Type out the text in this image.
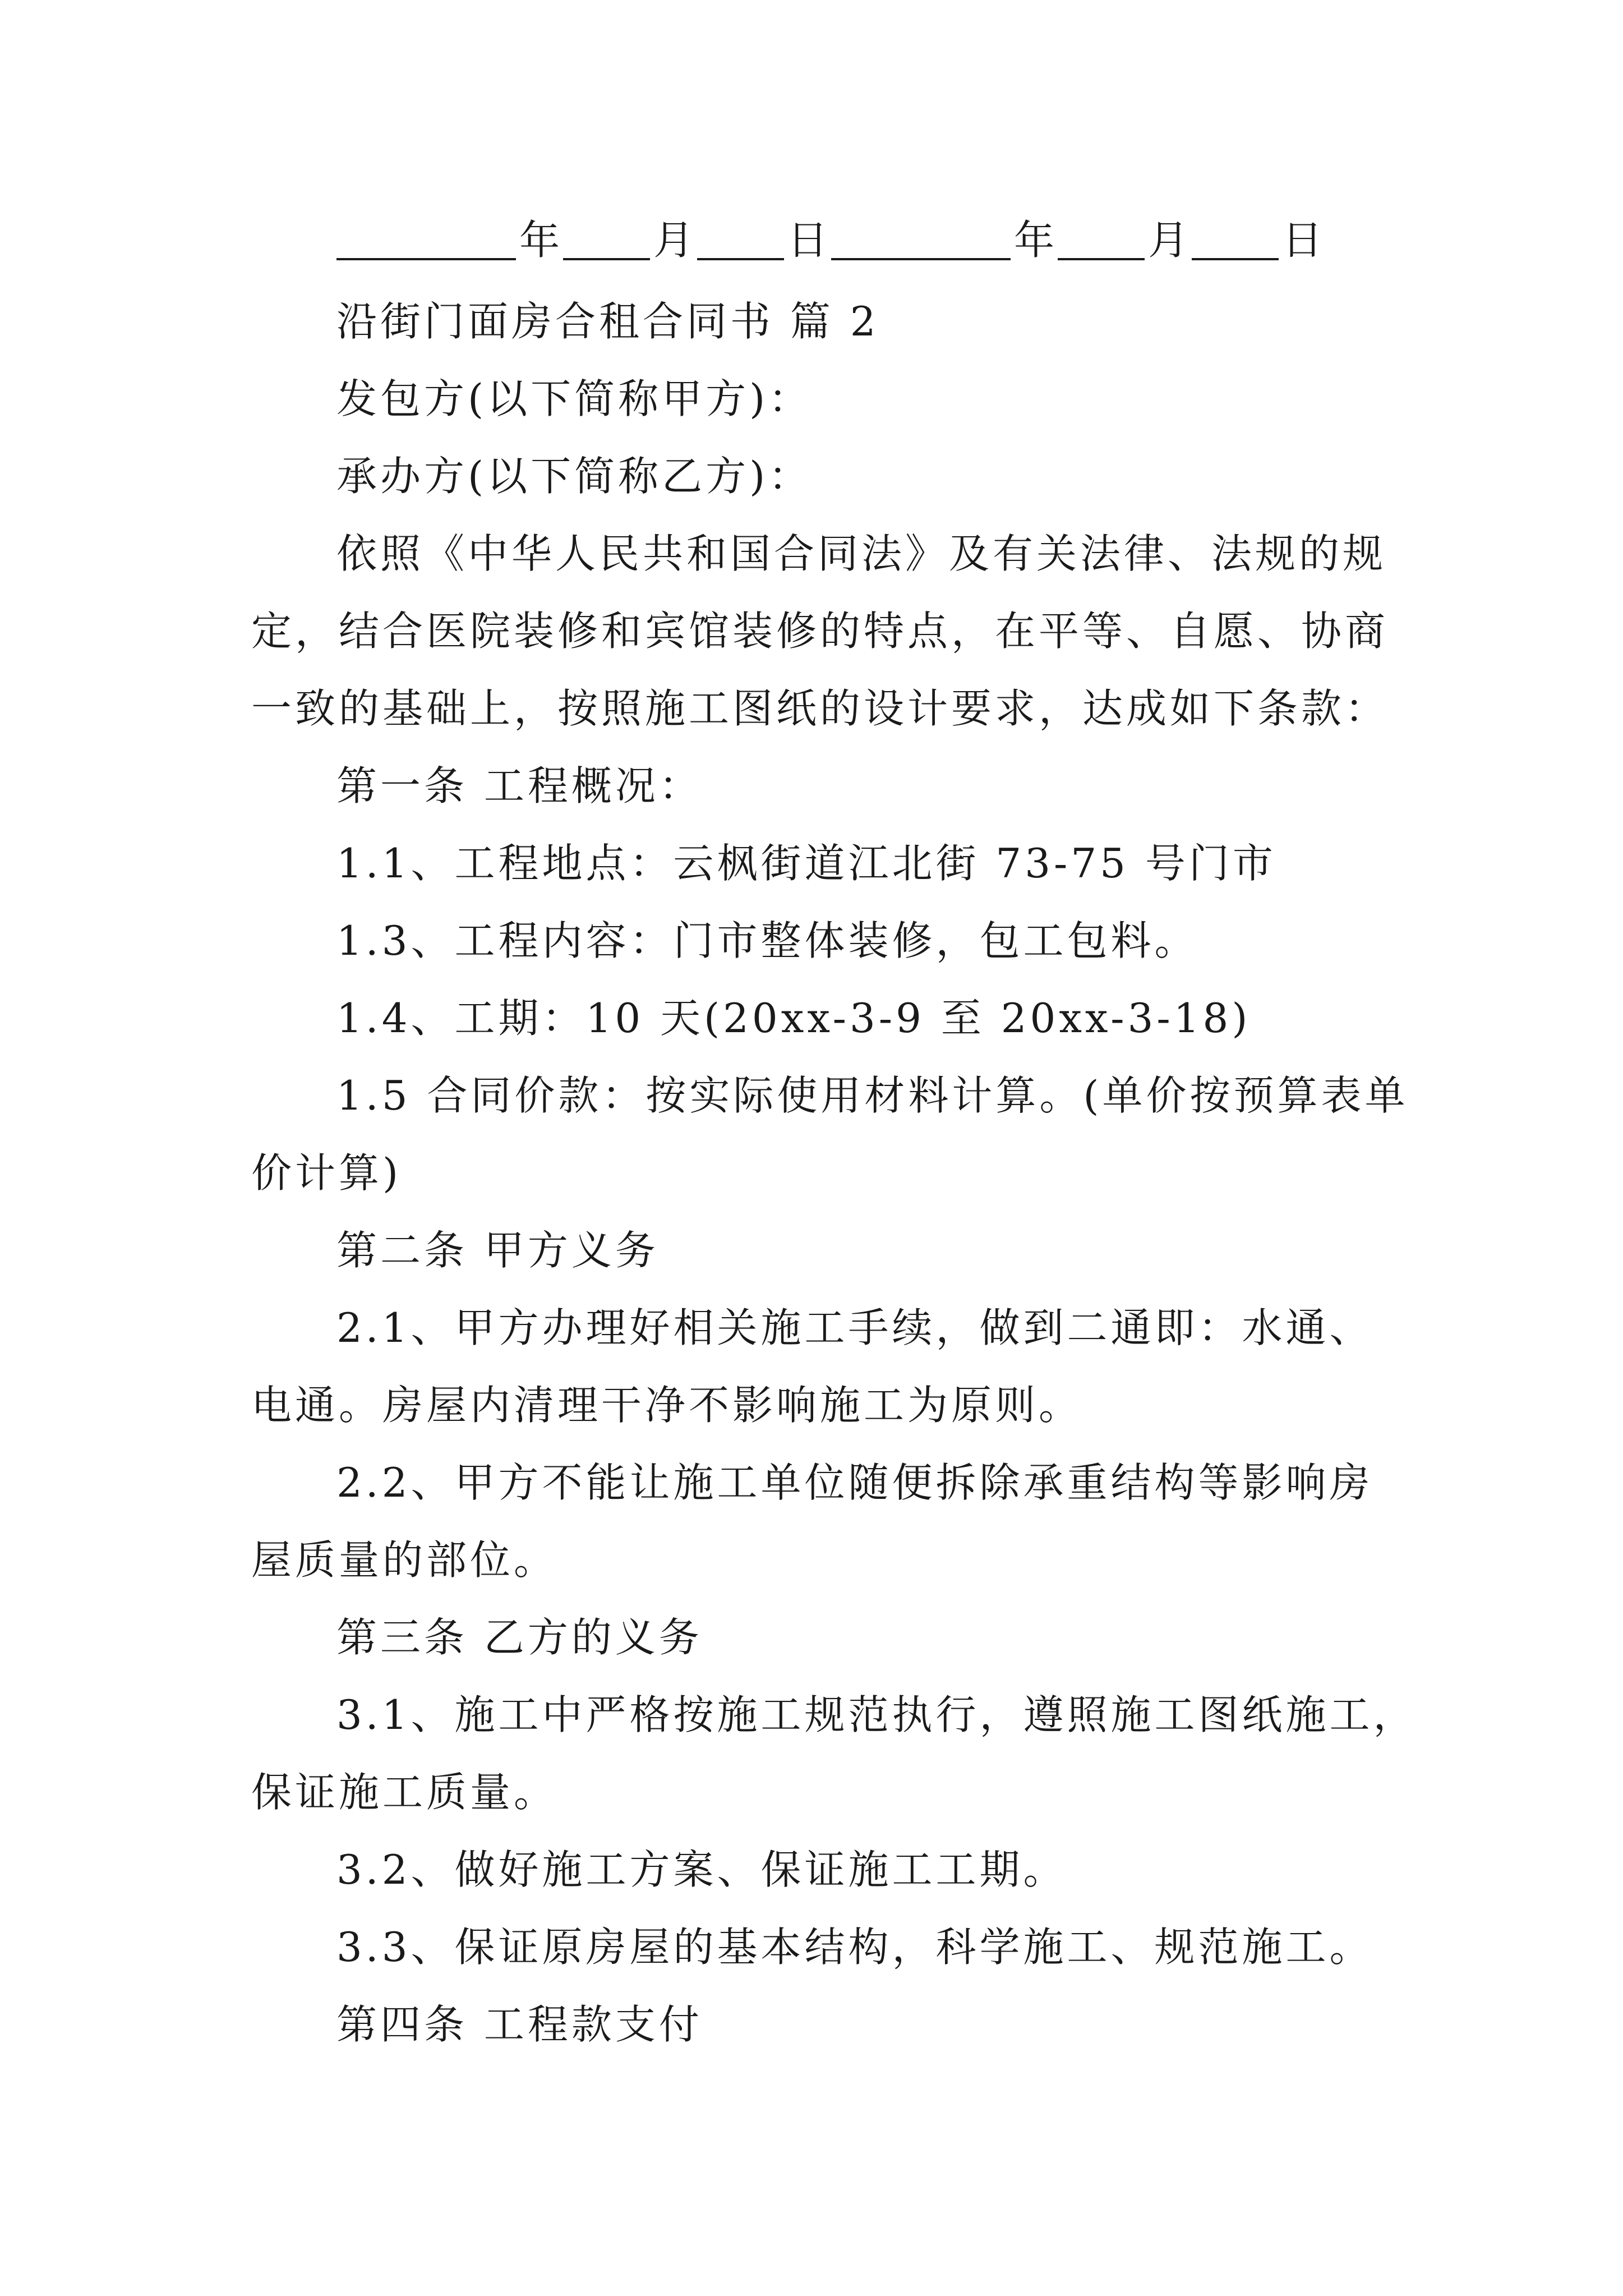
年 月 日	年 月 日
沿街门面房合租合同书 篇 2
发包方(以下简称甲方)：
承办方(以下简称乙方)：
依照《中华人民共和国合同法》及有关法律、法规的规
定，结合医院装修和宾馆装修的特点，在平等、自愿、协商
一致的基础上，按照施工图纸的设计要求，达成如下条款：
第一条 工程概况：
1.1、工程地点：云枫街道江北街 73-75 号门市
1.3、工程内容：门市整体装修，包工包料。
1.4、工期：10 天(20xx-3-9 至 20xx-3-18)
1.5 合同价款：按实际使用材料计算。(单价按预算表单
价计算)
第二条 甲方义务
2.1、甲方办理好相关施工手续，做到二通即：水通、
电通。房屋内清理干净不影响施工为原则。
2.2、甲方不能让施工单位随便拆除承重结构等影响房
屋质量的部位。
第三条 乙方的义务
3.1、施工中严格按施工规范执行，遵照施工图纸施工，
保证施工质量。
3.2、做好施工方案、保证施工工期。
3.3、保证原房屋的基本结构，科学施工、规范施工。
第四条 工程款支付
